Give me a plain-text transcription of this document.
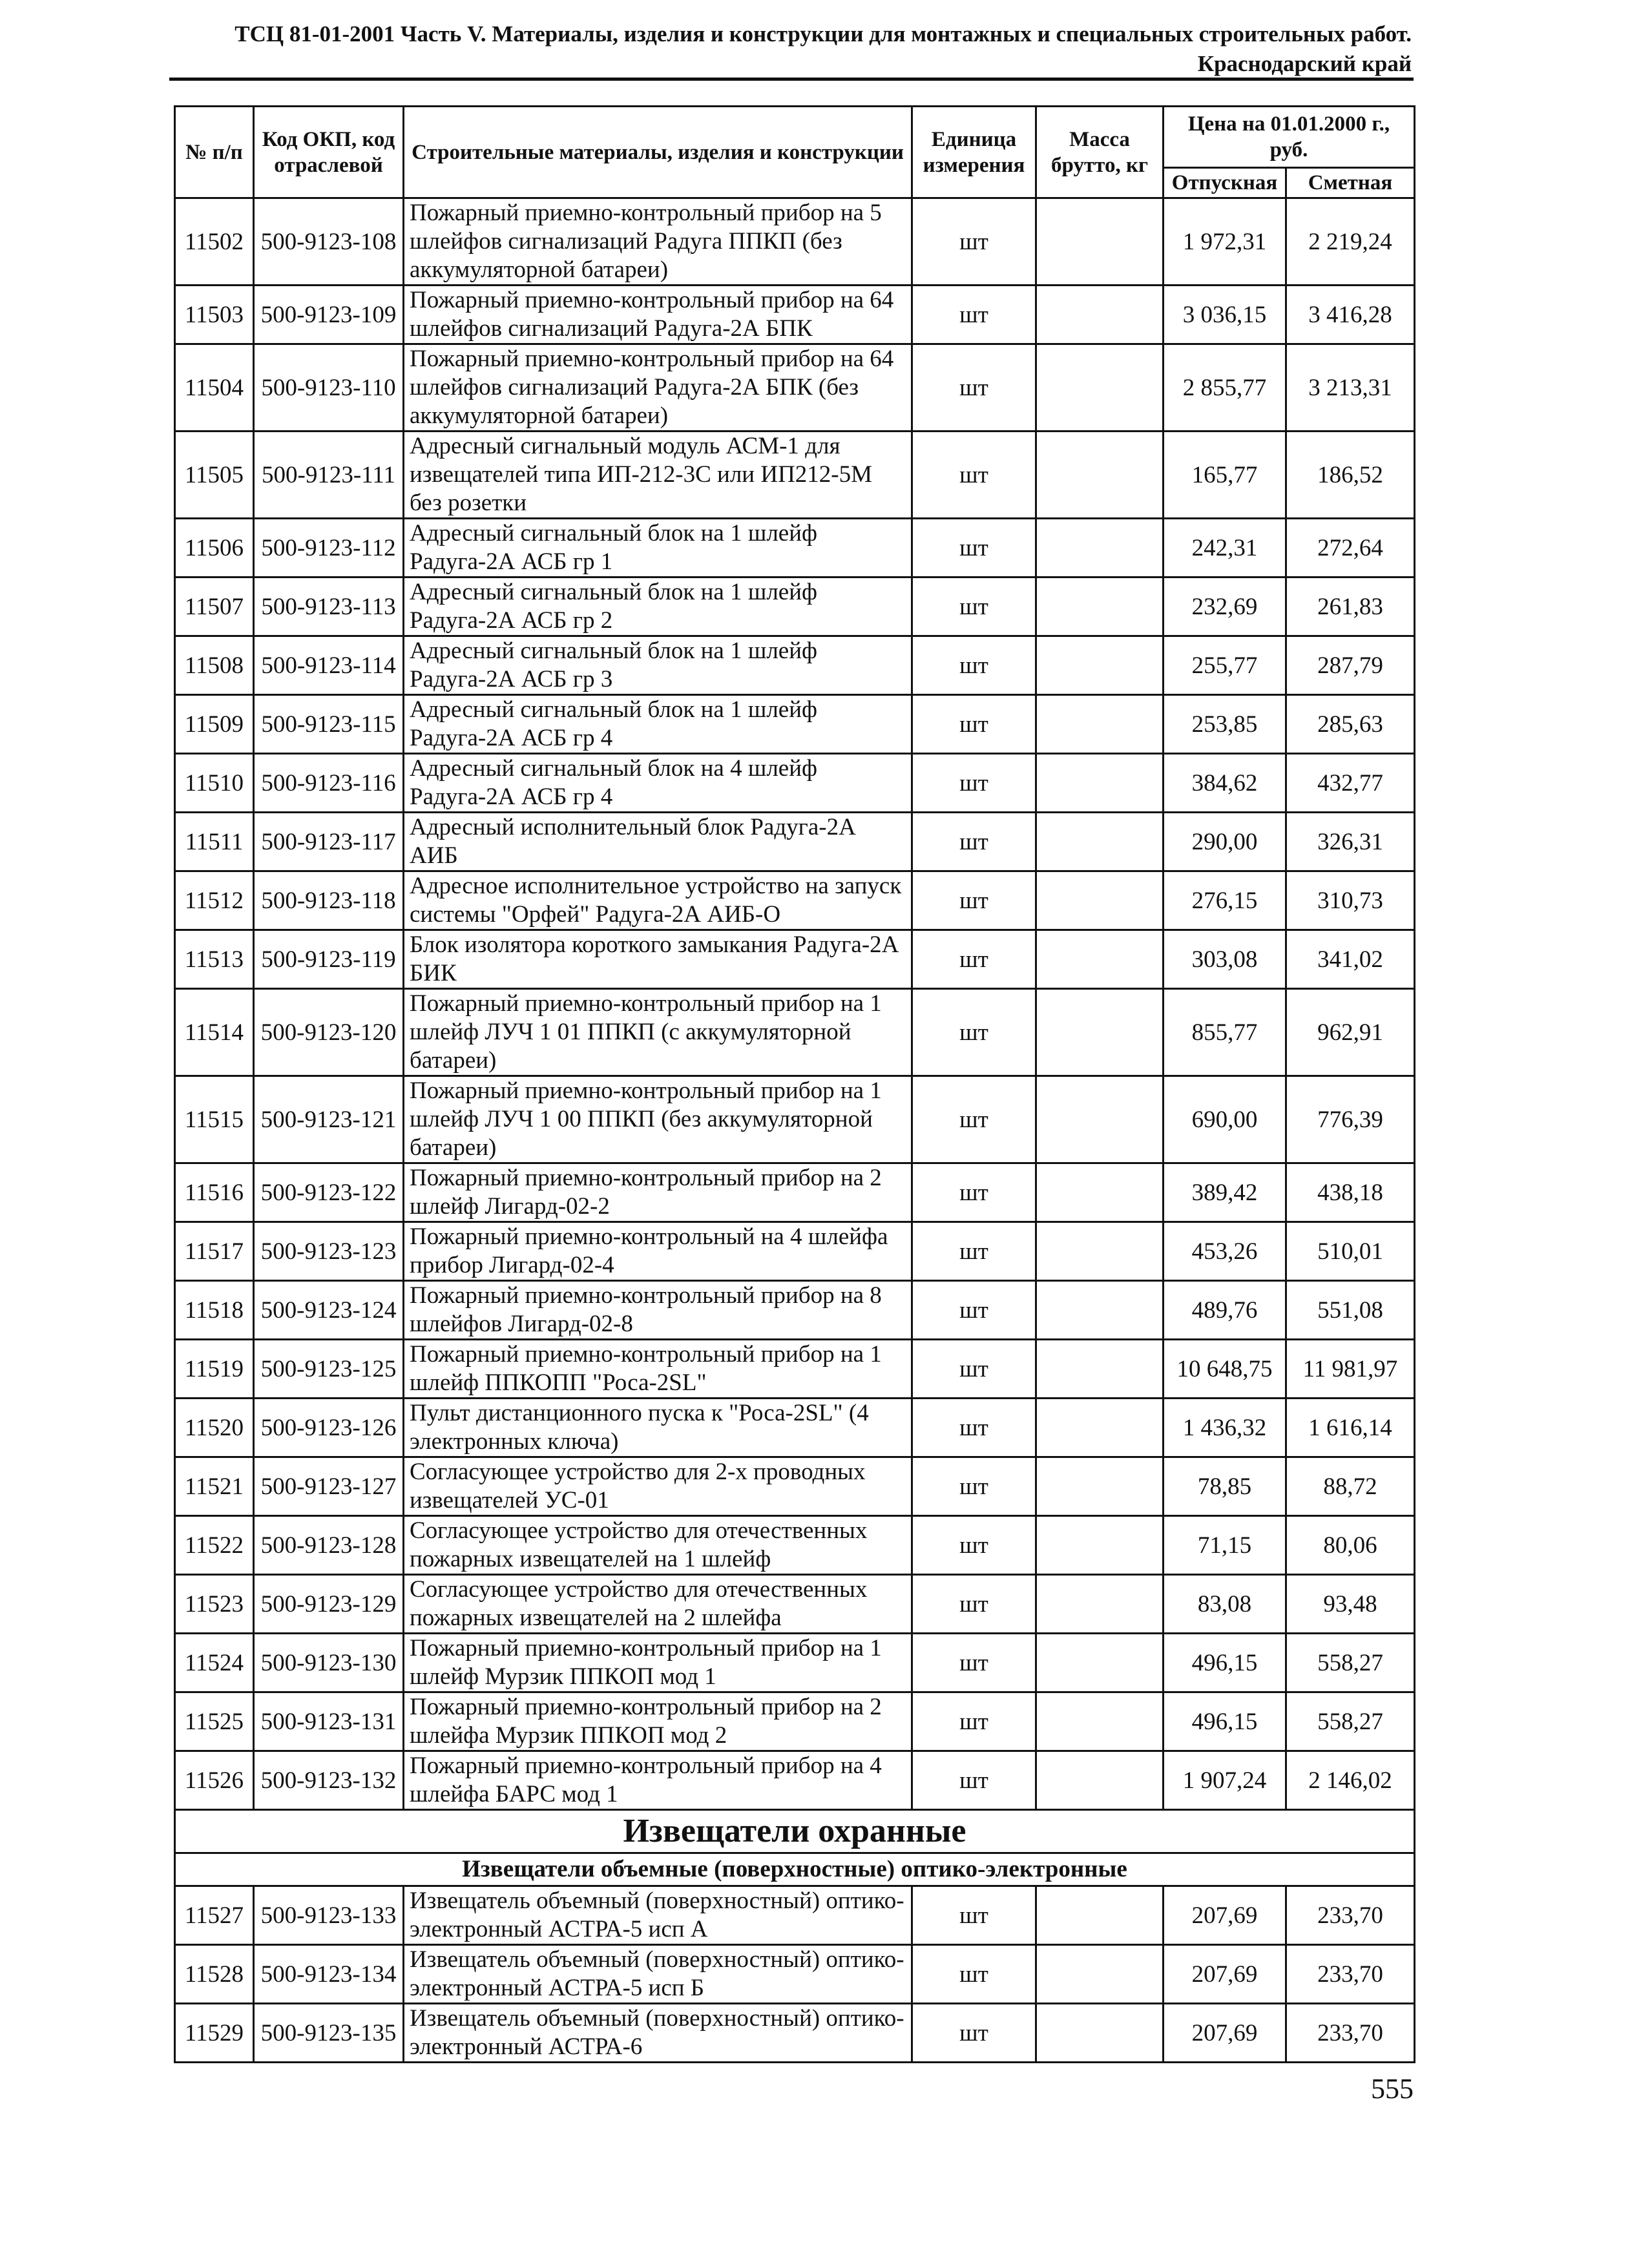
ТСЦ 81-01-2001 Часть V. Материалы, изделия и конструкции для монтажных и специальных строительных работ.
Краснодарский край
№ п/п	Код ОКП, код отраслевой	Строительные материалы, изделия и конструкции	Единица измерения	Масса брутто, кг	Цена на 01.01.2000 г., руб.	
					Отпускная	Сметная
11502	500-9123-108	Пожарный приемно-контрольный прибор на 5 шлейфов сигнализаций Радуга ППКП (без аккумуляторной батареи)	шт		1 972,31	2 219,24
11503	500-9123-109	Пожарный приемно-контрольный прибор на 64 шлейфов сигнализаций Радуга-2А БПК	шт		3 036,15	3 416,28
11504	500-9123-110	Пожарный приемно-контрольный прибор на 64 шлейфов сигнализаций Радуга-2А БПК (без аккумуляторной батареи)	шт		2 855,77	3 213,31
11505	500-9123-111	Адресный сигнальный модуль АСМ-1 для извещателей типа ИП-212-3С или ИП212-5М без розетки	шт		165,77	186,52
11506	500-9123-112	Адресный сигнальный блок на 1 шлейф Радуга-2А АСБ гр 1	шт		242,31	272,64
11507	500-9123-113	Адресный сигнальный блок на 1 шлейф Радуга-2А АСБ гр 2	шт		232,69	261,83
11508	500-9123-114	Адресный сигнальный блок на 1 шлейф Радуга-2А АСБ гр 3	шт		255,77	287,79
11509	500-9123-115	Адресный сигнальный блок на 1 шлейф Радуга-2А АСБ гр 4	шт		253,85	285,63
11510	500-9123-116	Адресный сигнальный блок на 4 шлейф Радуга-2А АСБ гр 4	шт		384,62	432,77
11511	500-9123-117	Адресный исполнительный блок Радуга-2А АИБ	шт		290,00	326,31
11512	500-9123-118	Адресное исполнительное устройство на запуск системы "Орфей" Радуга-2А АИБ-О	шт		276,15	310,73
11513	500-9123-119	Блок изолятора короткого замыкания Радуга-2А БИК	шт		303,08	341,02
11514	500-9123-120	Пожарный приемно-контрольный прибор на 1 шлейф ЛУЧ 1 01 ППКП (с аккумуляторной батареи)	шт		855,77	962,91
11515	500-9123-121	Пожарный приемно-контрольный прибор на 1 шлейф ЛУЧ 1 00 ППКП (без аккумуляторной батареи)	шт		690,00	776,39
11516	500-9123-122	Пожарный приемно-контрольный прибор на 2 шлейф Лигард-02-2	шт		389,42	438,18
11517	500-9123-123	Пожарный приемно-контрольный на 4 шлейфа прибор Лигард-02-4	шт		453,26	510,01
11518	500-9123-124	Пожарный приемно-контрольный прибор на 8 шлейфов Лигард-02-8	шт		489,76	551,08
11519	500-9123-125	Пожарный приемно-контрольный прибор на 1 шлейф ППКОПП "Роса-2SL"	шт		10 648,75	11 981,97
11520	500-9123-126	Пульт дистанционного пуска к "Роса-2SL" (4 электронных ключа)	шт		1 436,32	1 616,14
11521	500-9123-127	Согласующее устройство для 2-х проводных извещателей УС-01	шт		78,85	88,72
11522	500-9123-128	Согласующее устройство для отечественных пожарных извещателей на 1 шлейф	шт		71,15	80,06
11523	500-9123-129	Согласующее устройство для отечественных пожарных извещателей на 2 шлейфа	шт		83,08	93,48
11524	500-9123-130	Пожарный приемно-контрольный прибор на 1 шлейф Мурзик ППКОП мод 1	шт		496,15	558,27
11525	500-9123-131	Пожарный приемно-контрольный прибор на 2 шлейфа Мурзик ППКОП мод 2	шт		496,15	558,27
11526	500-9123-132	Пожарный приемно-контрольный прибор на 4 шлейфа БАРС мод 1	шт		1 907,24	2 146,02
Извещатели охранные						
Извещатели объемные (поверхностные) оптико-электронные						
11527	500-9123-133	Извещатель объемный (поверхностный) оптико-электронный АСТРА-5 исп А	шт		207,69	233,70
11528	500-9123-134	Извещатель объемный (поверхностный) оптико-электронный АСТРА-5 исп Б	шт		207,69	233,70
11529	500-9123-135	Извещатель объемный (поверхностный) оптико-электронный АСТРА-6	шт		207,69	233,70
555
